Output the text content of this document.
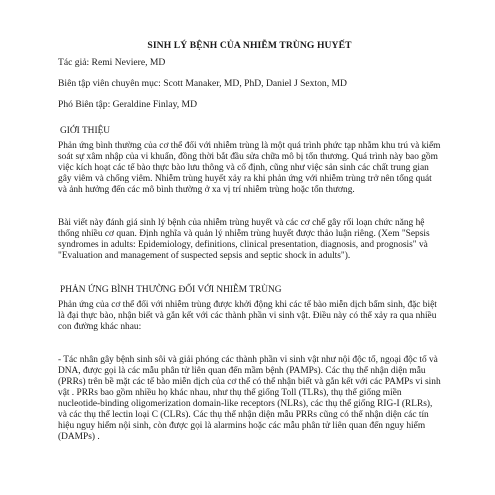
SINH LÝ BỆNH CỦA NHIỄM TRÙNG HUYẾT
Tác giả: Remi Neviere, MD
Biên tập viên chuyên mục: Scott Manaker, MD, PhD, Daniel J Sexton, MD
Phó Biên tập: Geraldine Finlay, MD
GIỚI THIỆU

Phản ứng bình thường của cơ thể đối với nhiễm trùng là một quá trình phức tạp nhằm khu trú và kiểm soát sự xâm nhập của vi khuẩn, đồng thời bắt đầu sửa chữa mô bị tổn thương. Quá trình này bao gồm việc kích hoạt các tế bào thực bào lưu thông và cố định, cũng như việc sản sinh các chất trung gian gây viêm và chống viêm. Nhiễm trùng huyết xảy ra khi phản ứng với nhiễm trùng trở nên tổng quát và ảnh hưởng đến các mô bình thường ở xa vị trí nhiễm trùng hoặc tổn thương.

Bài viết này đánh giá sinh lý bệnh của nhiễm trùng huyết và các cơ chế gây rối loạn chức năng hệ thống nhiều cơ quan. Định nghĩa và quản lý nhiễm trùng huyết được thảo luận riêng. (Xem "Sepsis syndromes in adults: Epidemiology, definitions, clinical presentation, diagnosis, and prognosis" và "Evaluation and management of suspected sepsis and septic shock in adults").

PHẢN ỨNG BÌNH THƯỜNG ĐỐI VỚI NHIỄM TRÙNG

Phản ứng của cơ thể đối với nhiễm trùng được khởi động khi các tế bào miễn dịch bẩm sinh, đặc biệt là đại thực bào, nhận biết và gắn kết với các thành phần vi sinh vật. Điều này có thể xảy ra qua nhiều con đường khác nhau:

- Tác nhân gây bệnh sinh sôi và giải phóng các thành phần vi sinh vật như nội độc tố, ngoại độc tố và DNA, được gọi là các mẫu phân tử liên quan đến mầm bệnh (PAMPs). Các thụ thể nhận diện mẫu (PRRs) trên bề mặt các tế bào miễn dịch của cơ thể có thể nhận biết và gắn kết với các PAMPs vi sinh vật . PRRs bao gồm nhiều họ khác nhau, như thụ thể giống Toll (TLRs), thụ thể giống miền nucleotide-binding oligomerization domain-like receptors (NLRs), các thụ thể giống RIG-I (RLRs), và các thụ thể lectin loại C (CLRs). Các thụ thể nhận diện mẫu PRRs cũng có thể nhận diện các tín hiệu nguy hiểm nội sinh, còn được gọi là alarmins hoặc các mẫu phân tử liên quan đến nguy hiểm (DAMPs) .
